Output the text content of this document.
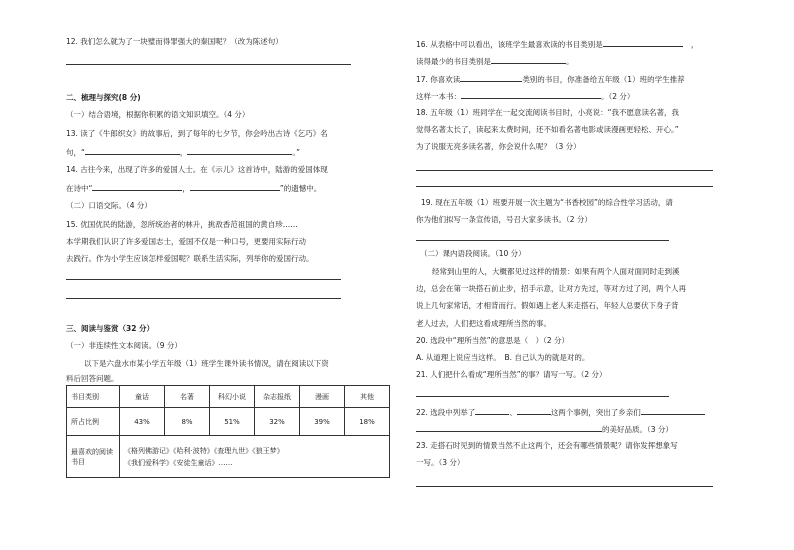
12. 我们怎么就为了一块璧而得罪强大的秦国呢？（改为陈述句）
二、梳理与探究(8 分)
（一）结合语境，根据你积累的语文知识填空。（4 分）
13. 读了《牛郎织女》的故事后，到了每年的七夕节，你会吟出古诗《乞巧》名
句，“	，	。”
14. 古往今来，出现了许多的爱国人士。在《示儿》这首诗中，陆游的爱国体现
在诗中“	，	”的遗憾中。
（二）口语交际。（4 分）
15. 优国优民的陆游，忽所统治者的林升，挑敌香范祖国的黄自珍……
本学期我们认识了许多爱国志士，爱国不仅是一种口号，更要用实际行动
去践行。作为小学生应该怎样爱国呢？联系生活实际，列举你的爱国行动。
三、阅读与鉴赏（32 分）
（一）非连续性文本阅读。（9 分）
以下是六盘水市某小学五年级（1）班学生课外读书情况，请在阅读以下资
料后回答问题。
书目类别	童话	名著	科幻小说	杂志报纸	漫画	其他
所占比例	43%	8%	51%	32%	39%	18%
最喜欢的阅读书目	《格列佛游记》《哈利·波特》《查理九世》《狼王梦》
《我们爱科学》《安徒生童话》……					
16. 从表格中可以看出，该班学生最喜欢读的书目类别是	，
读得最少的书目类别是	。
17. 你喜欢读	类别的书目，你准备给五年级（1）班的学生推荐
这样一本书：	。（2 分）
18. 五年级（1）班同学在一起交流阅读书目时，小亮说：“我不愿意读名著，我
觉得名著太长了，读起来太费时间，还不如看名著电影或读漫画更轻松、开心。”
为了说服无亮多读名著，你会说什么呢？（3 分）
19. 现在五年级（1）班要开展一次主题为“书香校园”的综合性学习活动，请
你为他们拟写一条宣传语，号召大家多读书。（2 分）
（二）课内语段阅读。（10 分）
经常到山里的人，大概都见过这样的情景：如果有两个人面对面同时走到溪
边，总会在第一块搭石前止步，招手示意，让对方先过，等对方过了河，两个人再
说上几句家常话，才相背而行。假如遇上老人来走搭石，年轻人总要伏下身子背
老人过去，人们把这看成理所当然的事。
20. 选段中“理所当然”的意思是（　）（2 分）
A. 从道理上说应当这样。　B. 自己认为的就是对的。
21. 人们把什么看成“理所当然”的事？请写一写。（2 分）
22. 选段中列举了	、	这两个事例，突出了乡亲们
的美好品质。（3 分）
23. 走搭石时见到的情景当然不止这两个，还会有哪些情景呢？请你发挥想象写
一写。（3 分）
